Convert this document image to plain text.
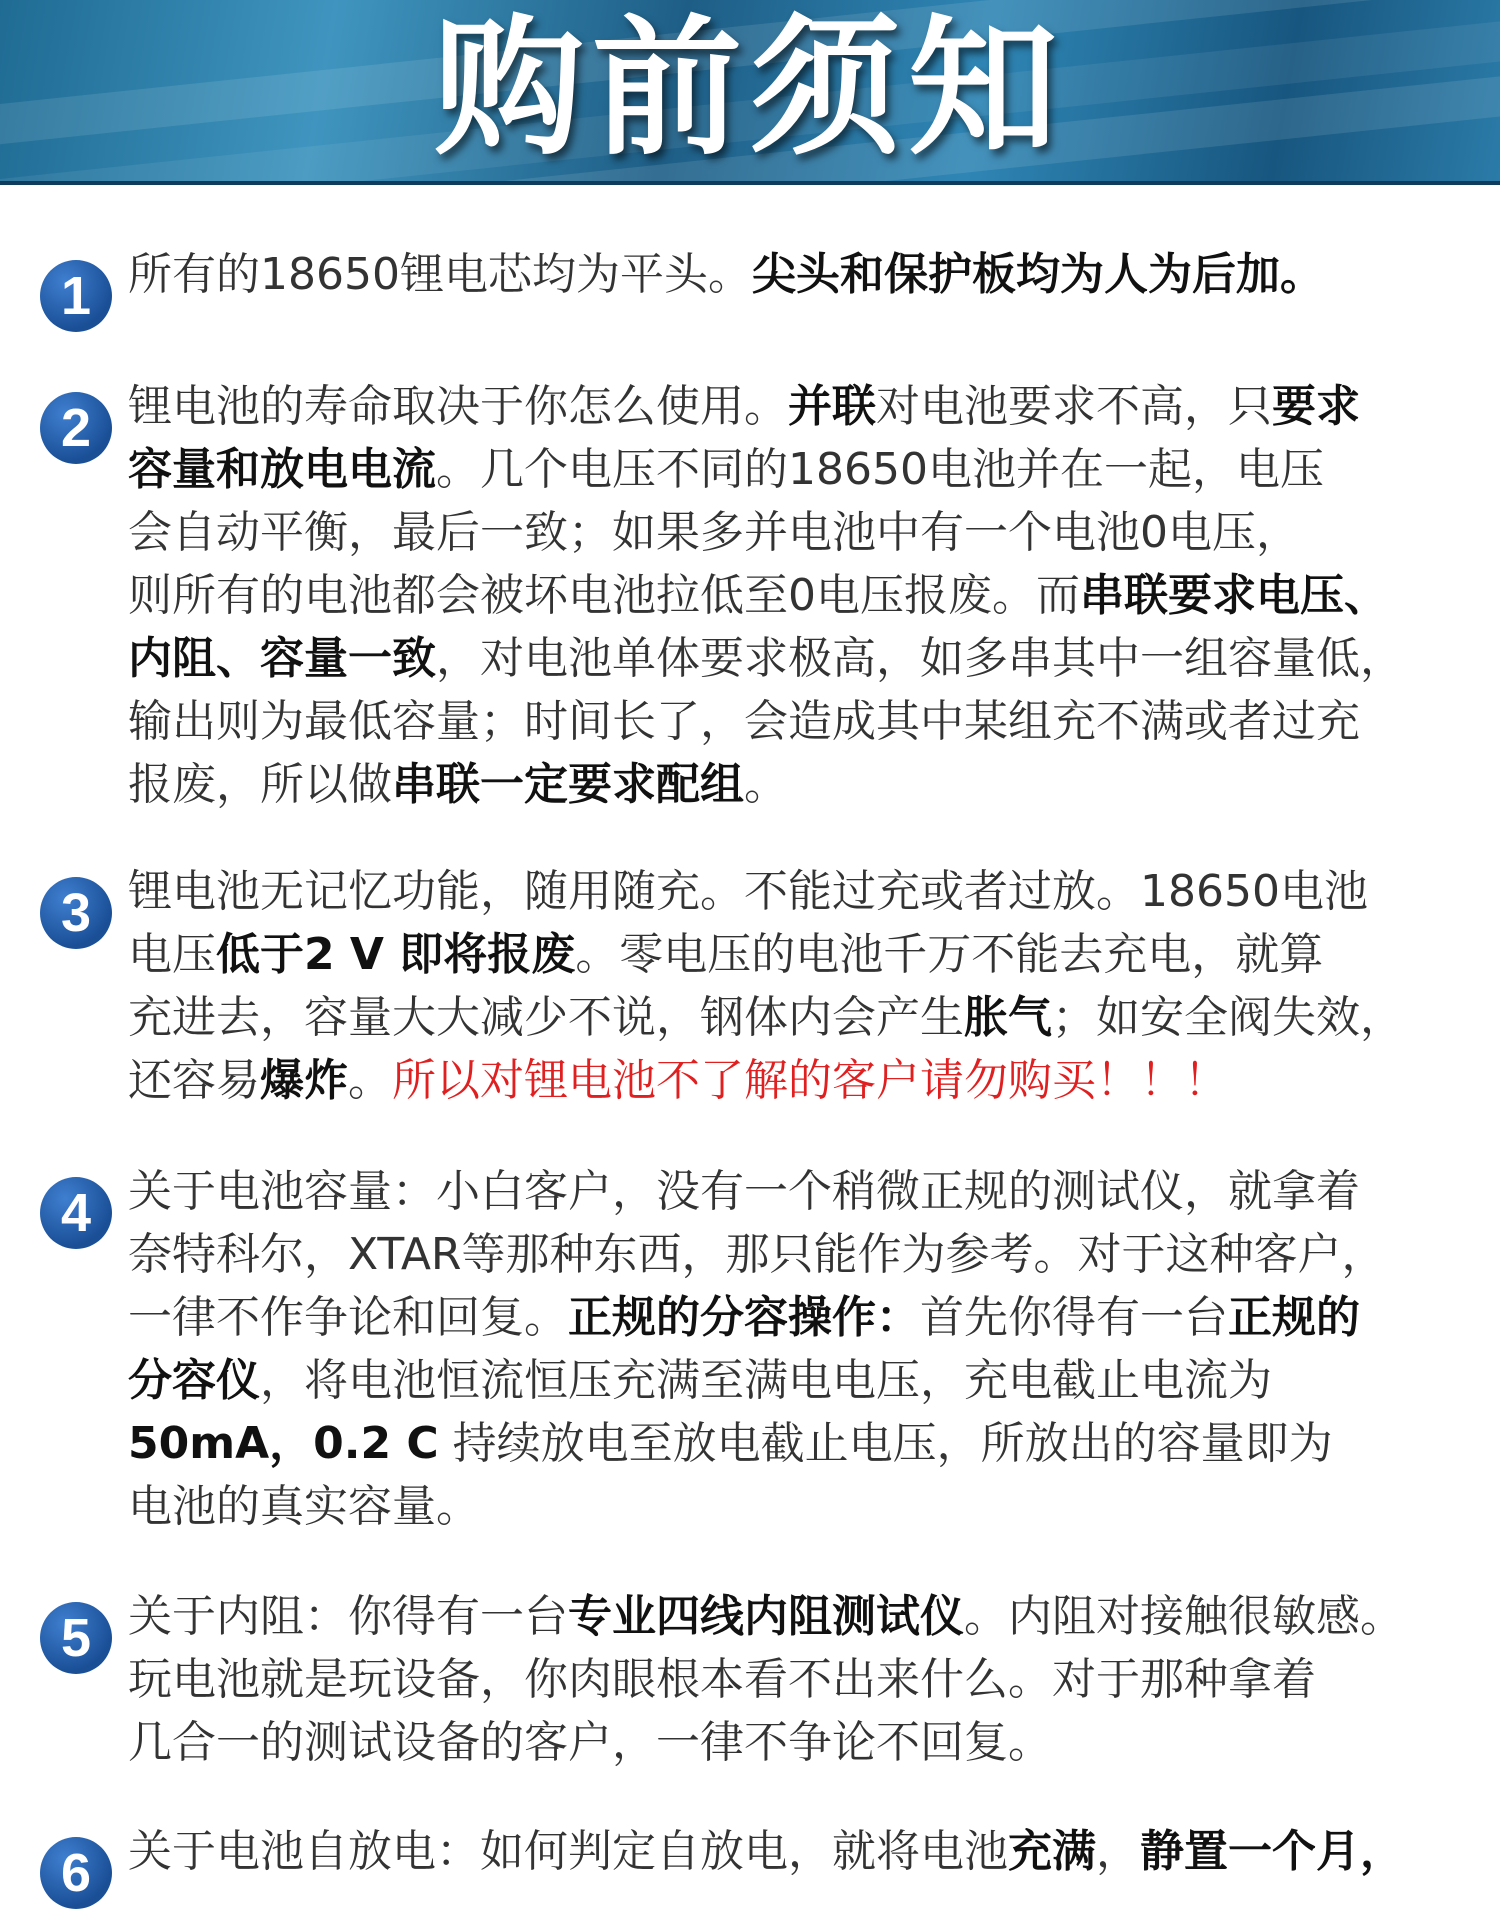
购前须知
1 所有的18650锂电芯均为平头。尖头和保护板均为人为后加。
2 锂电池的寿命取决于你怎么使用。并联对电池要求不高，只要求
容量和放电电流。几个电压不同的18650电池并在一起，电压
会自动平衡，最后一致；如果多并电池中有一个电池0电压，
则所有的电池都会被坏电池拉低至0电压报废。而串联要求电压、
内阻、容量一致，对电池单体要求极高，如多串其中一组容量低，
输出则为最低容量；时间长了，会造成其中某组充不满或者过充
报废，所以做串联一定要求配组。
3 锂电池无记忆功能，随用随充。不能过充或者过放。18650电池
电压低于2 V 即将报废。零电压的电池千万不能去充电，就算
充进去，容量大大减少不说，钢体内会产生胀气；如安全阀失效，
还容易爆炸。所以对锂电池不了解的客户请勿购买！！！
4 关于电池容量：小白客户，没有一个稍微正规的测试仪，就拿着
奈特科尔，XTAR等那种东西，那只能作为参考。对于这种客户，
一律不作争论和回复。正规的分容操作：首先你得有一台正规的
分容仪，将电池恒流恒压充满至满电电压，充电截止电流为
50mA，0.2 C 持续放电至放电截止电压，所放出的容量即为
电池的真实容量。
5 关于内阻：你得有一台专业四线内阻测试仪。内阻对接触很敏感。
玩电池就是玩设备，你肉眼根本看不出来什么。对于那种拿着
几合一的测试设备的客户，一律不争论不回复。
6 关于电池自放电：如何判定自放电，就将电池充满，静置一个月，
